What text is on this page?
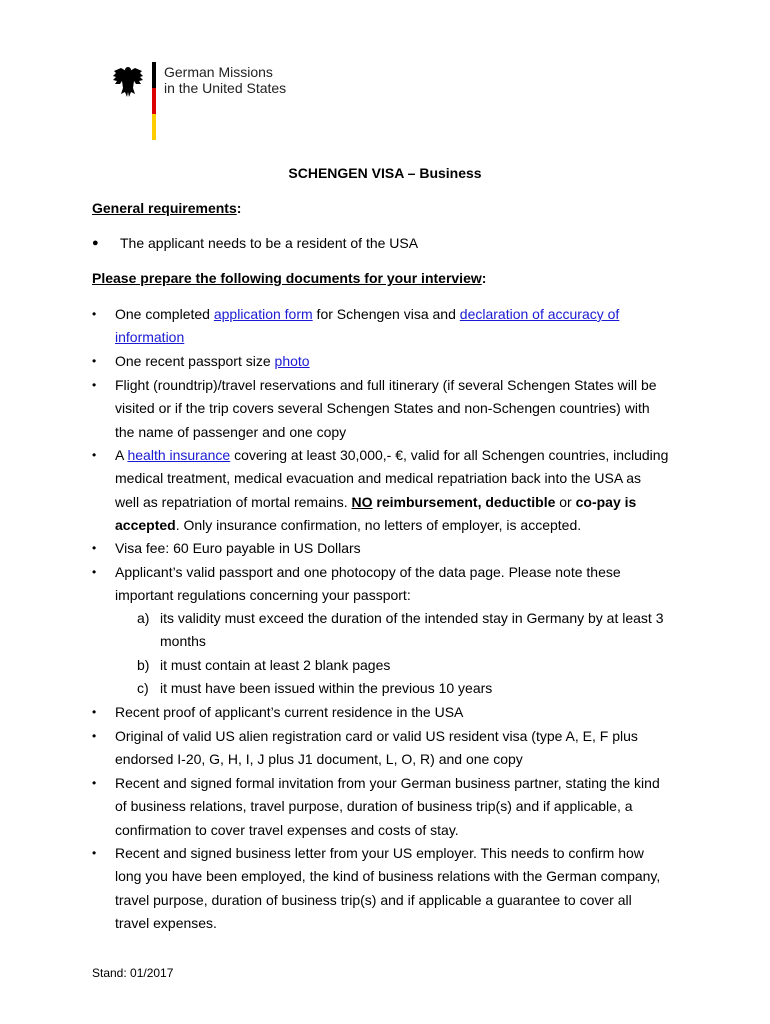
German Missions
in the United States
SCHENGEN VISA – Business
General requirements:
● The applicant needs to be a resident of the USA
Please prepare the following documents for your interview:
• One completed application form for Schengen visa and declaration of accuracy of
information
• One recent passport size photo
• Flight (roundtrip)/travel reservations and full itinerary (if several Schengen States will be
visited or if the trip covers several Schengen States and non-Schengen countries) with
the name of passenger and one copy
• A health insurance covering at least 30,000,- €, valid for all Schengen countries, including
medical treatment, medical evacuation and medical repatriation back into the USA as
well as repatriation of mortal remains. NO reimbursement, deductible or co-pay is
accepted. Only insurance confirmation, no letters of employer, is accepted.
• Visa fee: 60 Euro payable in US Dollars
• Applicant’s valid passport and one photocopy of the data page. Please note these
important regulations concerning your passport:
a) its validity must exceed the duration of the intended stay in Germany by at least 3
months
b) it must contain at least 2 blank pages
c) it must have been issued within the previous 10 years
• Recent proof of applicant’s current residence in the USA
• Original of valid US alien registration card or valid US resident visa (type A, E, F plus
endorsed I-20, G, H, I, J plus J1 document, L, O, R) and one copy
• Recent and signed formal invitation from your German business partner, stating the kind
of business relations, travel purpose, duration of business trip(s) and if applicable, a
confirmation to cover travel expenses and costs of stay.
• Recent and signed business letter from your US employer. This needs to confirm how
long you have been employed, the kind of business relations with the German company,
travel purpose, duration of business trip(s) and if applicable a guarantee to cover all
travel expenses.
Stand: 01/2017
